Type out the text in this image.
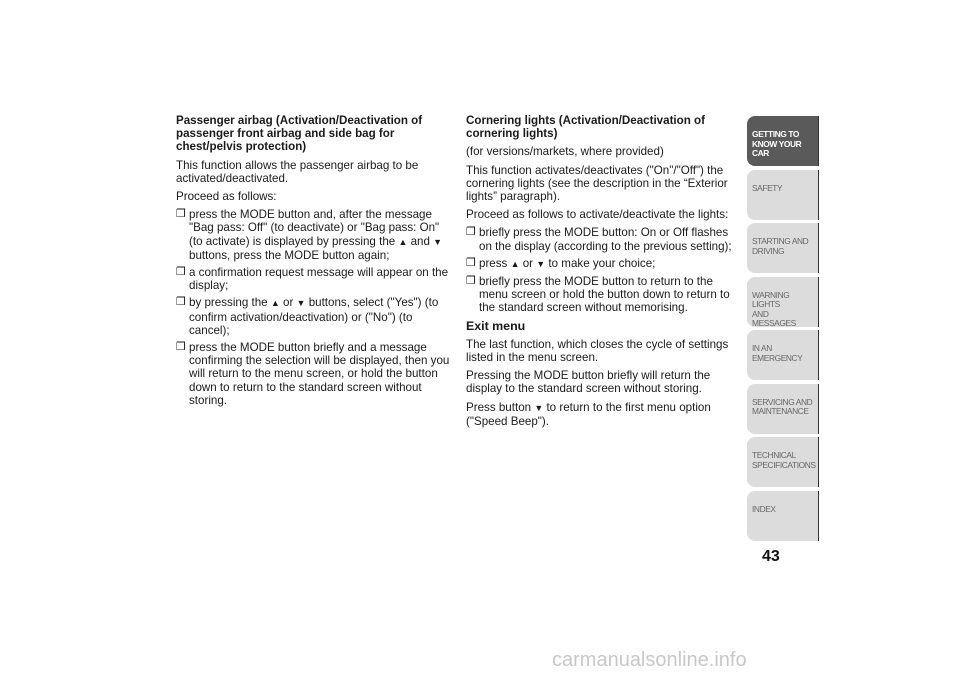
Passenger airbag (Activation/Deactivation of passenger front airbag and side bag for chest/pelvis protection)

This function allows the passenger airbag to be activated/deactivated.

Proceed as follows:

❒ press the MODE button and, after the message "Bag pass: Off" (to deactivate) or "Bag pass: On" (to activate) is displayed by pressing the ▲ and ▼ buttons, press the MODE button again;
❒ a confirmation request message will appear on the display;
❒ by pressing the ▲ or ▼ buttons, select ("Yes") (to confirm activation/deactivation) or ("No") (to cancel);
❒ press the MODE button briefly and a message confirming the selection will be displayed, then you will return to the menu screen, or hold the button down to return to the standard screen without storing.

Cornering lights (Activation/Deactivation of cornering lights)

(for versions/markets, where provided)

This function activates/deactivates ("On"/"Off") the cornering lights (see the description in the “Exterior lights” paragraph).

Proceed as follows to activate/deactivate the lights:

❒ briefly press the MODE button: On or Off flashes on the display (according to the previous setting);
❒ press ▲ or ▼ to make your choice;
❒ briefly press the MODE button to return to the menu screen or hold the button down to return to the standard screen without memorising.

Exit menu

The last function, which closes the cycle of settings listed in the menu screen.

Pressing the MODE button briefly will return the display to the standard screen without storing.

Press button ▼ to return to the first menu option ("Speed Beep").

GETTING TO
KNOW YOUR CAR
SAFETY
STARTING AND
DRIVING
WARNING LIGHTS
AND MESSAGES
IN AN EMERGENCY
SERVICING AND
MAINTENANCE
TECHNICAL
SPECIFICATIONS
INDEX
43
carmanualsonline.info
